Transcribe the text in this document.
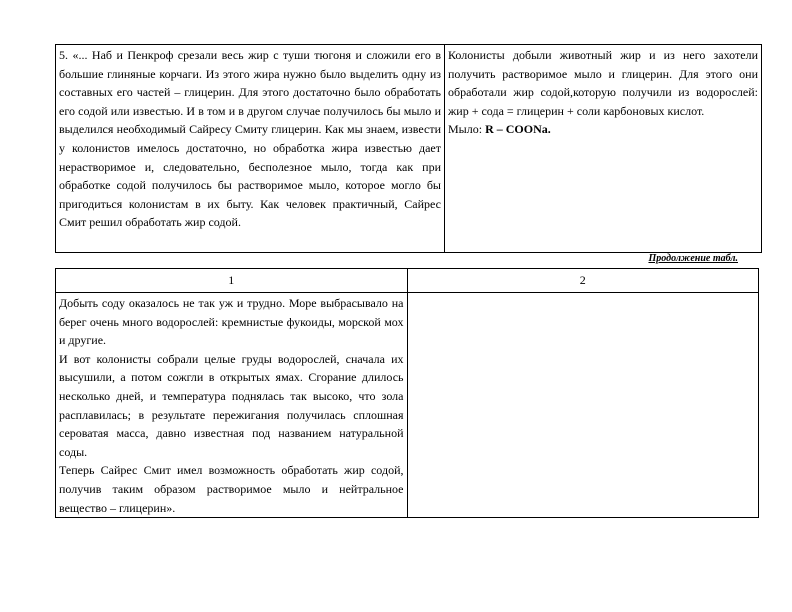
5. «... Наб и Пенкроф срезали весь жир с туши тюгоня и сложили его в большие глиняные корчаги. Из этого жира нужно было выделить одну из составных его частей – глицерин. Для этого достаточно было обработать его содой или известью. И в том и в другом случае получилось бы мыло и выделился необходимый Сайресу Смиту глицерин. Как мы знаем, извести у колонистов имелось достаточно, но обработка жира известью дает нерастворимое и, следовательно, бесполезное мыло, тогда как при обработке содой получилось бы растворимое мыло, которое могло бы пригодиться колонистам в их быту. Как человек практичный, Сайрес Смит решил обработать жир содой.	Колонисты добыли животный жир и из него захотели получить растворимое мыло и глицерин. Для этого они обработали жир содой,которую получили из водорослей: жир + сода = глицерин + соли карбоновых кислот.
Мыло: R – COONa.
Продолжение табл.
1	2

Добыть соду оказалось не так уж и трудно. Море выбрасывало на берег очень много водорослей: кремнистые фукоиды, морской мох и другие.

И вот колонисты собрали целые груды водорослей, сначала их высушили, а потом сожгли в открытых ямах. Сгорание длилось несколько дней, и температура поднялась так высоко, что зола расплавилась; в результате пережигания получилась сплошная сероватая масса, давно известная под названием натуральной соды.

Теперь Сайрес Смит имел возможность обработать жир содой, получив таким образом растворимое мыло и нейтральное вещество – глицерин».	
